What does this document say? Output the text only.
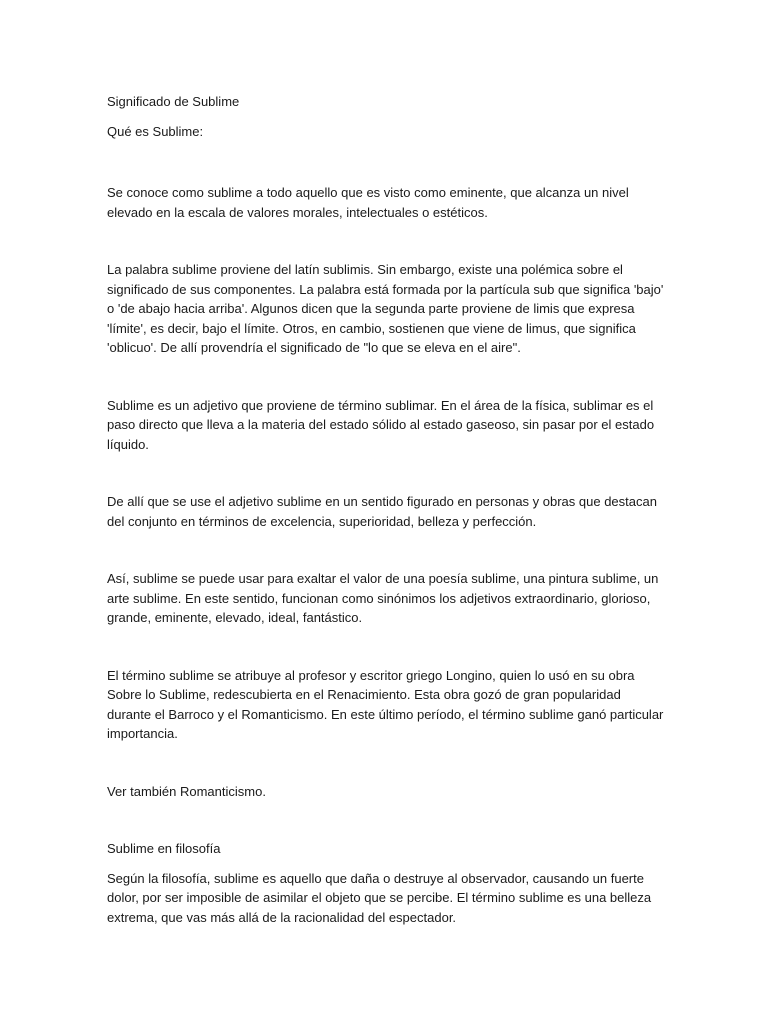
Significado de Sublime

Qué es Sublime:

Se conoce como sublime a todo aquello que es visto como eminente, que alcanza un nivel elevado en la escala de valores morales, intelectuales o estéticos.

La palabra sublime proviene del latín sublimis. Sin embargo, existe una polémica sobre el significado de sus componentes. La palabra está formada por la partícula sub que significa 'bajo' o 'de abajo hacia arriba'. Algunos dicen que la segunda parte proviene de limis que expresa 'límite', es decir, bajo el límite. Otros, en cambio, sostienen que viene de limus, que significa 'oblicuo'. De allí provendría el significado de "lo que se eleva en el aire".

Sublime es un adjetivo que proviene de término sublimar. En el área de la física, sublimar es el paso directo que lleva a la materia del estado sólido al estado gaseoso, sin pasar por el estado líquido.

De allí que se use el adjetivo sublime en un sentido figurado en personas y obras que destacan del conjunto en términos de excelencia, superioridad, belleza y perfección.

Así, sublime se puede usar para exaltar el valor de una poesía sublime, una pintura sublime, un arte sublime. En este sentido, funcionan como sinónimos los adjetivos extraordinario, glorioso, grande, eminente, elevado, ideal, fantástico.

El término sublime se atribuye al profesor y escritor griego Longino, quien lo usó en su obra Sobre lo Sublime, redescubierta en el Renacimiento. Esta obra gozó de gran popularidad durante el Barroco y el Romanticismo. En este último período, el término sublime ganó particular importancia.

Ver también Romanticismo.

Sublime en filosofía

Según la filosofía, sublime es aquello que daña o destruye al observador, causando un fuerte dolor, por ser imposible de asimilar el objeto que se percibe. El término sublime es una belleza extrema, que vas más allá de la racionalidad del espectador.
